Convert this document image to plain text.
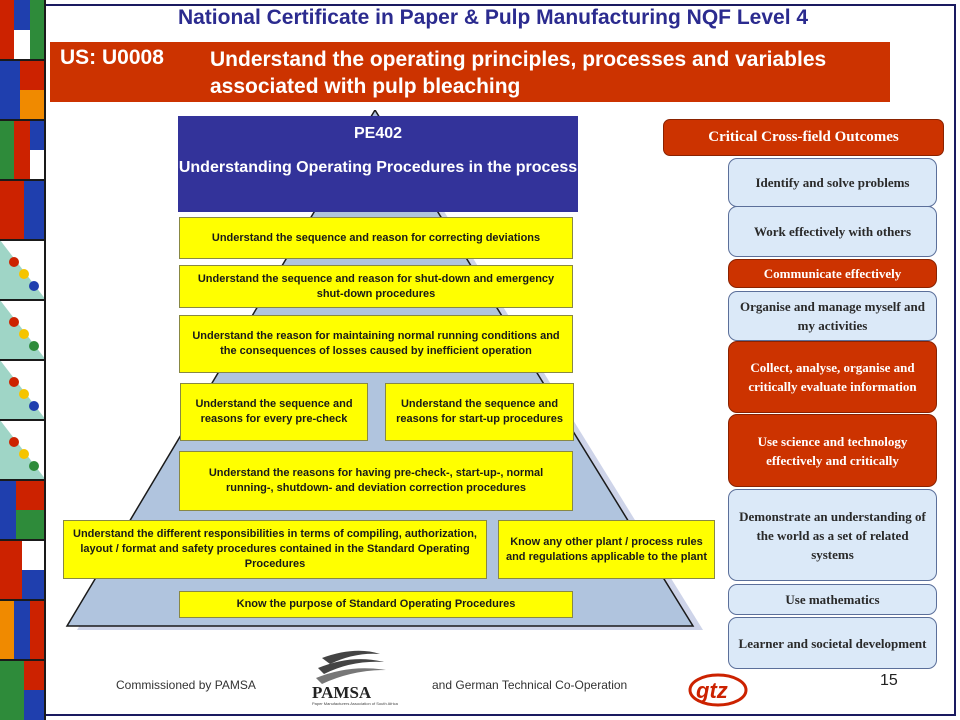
National Certificate in Paper & Pulp Manufacturing NQF Level 4
US: U0008 Understand the operating principles, processes and variables associated with pulp bleaching
PE402
Understanding Operating Procedures in the process
Understand the sequence and reason for correcting deviations
Understand the sequence and reason for shut-down and emergency shut-down procedures
Understand the reason for maintaining normal running conditions and the consequences of losses caused by inefficient operation
Understand the sequence and reasons for every pre-check
Understand the sequence and reasons for start-up procedures
Understand the reasons for having pre-check-, start-up-, normal running-, shutdown- and deviation correction procedures
Understand the different responsibilities in terms of compiling, authorization, layout / format and safety procedures contained in the Standard Operating Procedures
Know any other plant / process rules and regulations applicable to the plant
Know the purpose of Standard Operating Procedures
Critical Cross-field Outcomes
Identify and solve problems
Work effectively with others
Communicate effectively
Organise and manage myself and my activities
Collect, analyse, organise and critically evaluate information
Use science and technology effectively and critically
Demonstrate an understanding of the world as a set of related systems
Use mathematics
Learner and societal development
Commissioned by PAMSA	PAMSA
Paper Manufacturers Association of South Africa
and German Technical Co-Operation	gtz	15
